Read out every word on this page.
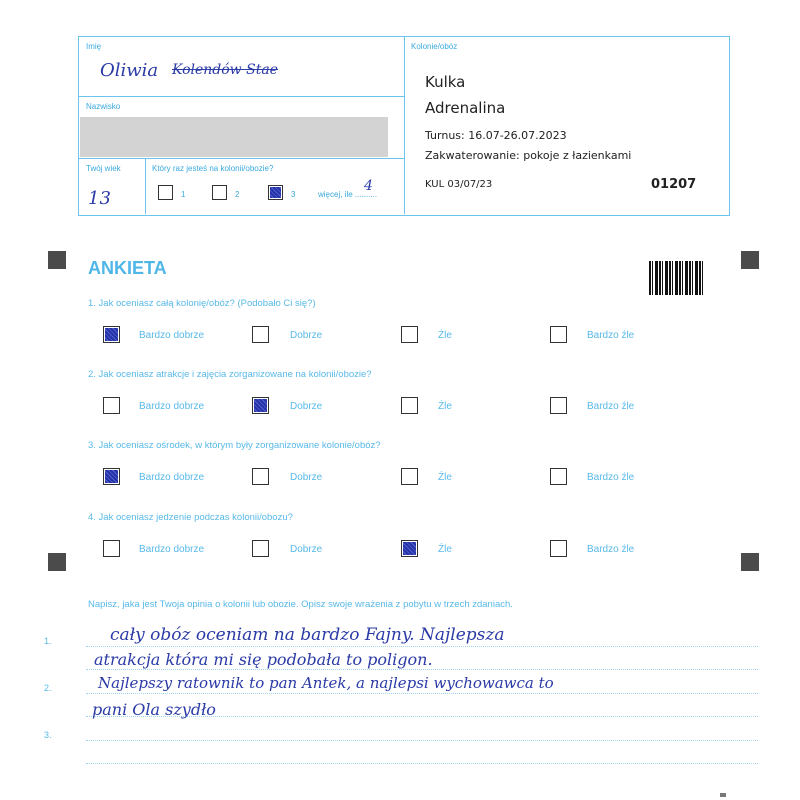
Imię
Oliwia Kolendów Stae
Nazwisko
Twój wiek
13
Który raz jesteś na kolonii/obozie?
1	2	3	więcej, ile ..........
4
Kolonie/obóz
Kulka
Adrenalina
Turnus: 16.07-26.07.2023
Zakwaterowanie: pokoje z łazienkami
KUL 03/07/23	01207
ANKIETA
1. Jak oceniasz całą kolonię/obóz? (Podobało Ci się?)
Bardzo dobrze	Dobrze	Źle	Bardzo źle
2. Jak oceniasz atrakcje i zajęcia zorganizowane na kolonii/obozie?
Bardzo dobrze	Dobrze	Źle	Bardzo źle
3. Jak oceniasz ośrodek, w którym były zorganizowane kolonie/obóz?
Bardzo dobrze	Dobrze	Źle	Bardzo źle
4. Jak oceniasz jedzenie podczas kolonii/obozu?
Bardzo dobrze	Dobrze	Źle	Bardzo źle
Napisz, jaka jest Twoja opinia o kolonii lub obozie. Opisz swoje wrażenia z pobytu w trzech zdaniach.
1.
2.
3.
cały obóz oceniam na bardzo Fajny. Najlepsza
atrakcja która mi się podobała to poligon.
Najlepszy ratownik to pan Antek, a najlepsi wychowawca to
pani Ola szydło
